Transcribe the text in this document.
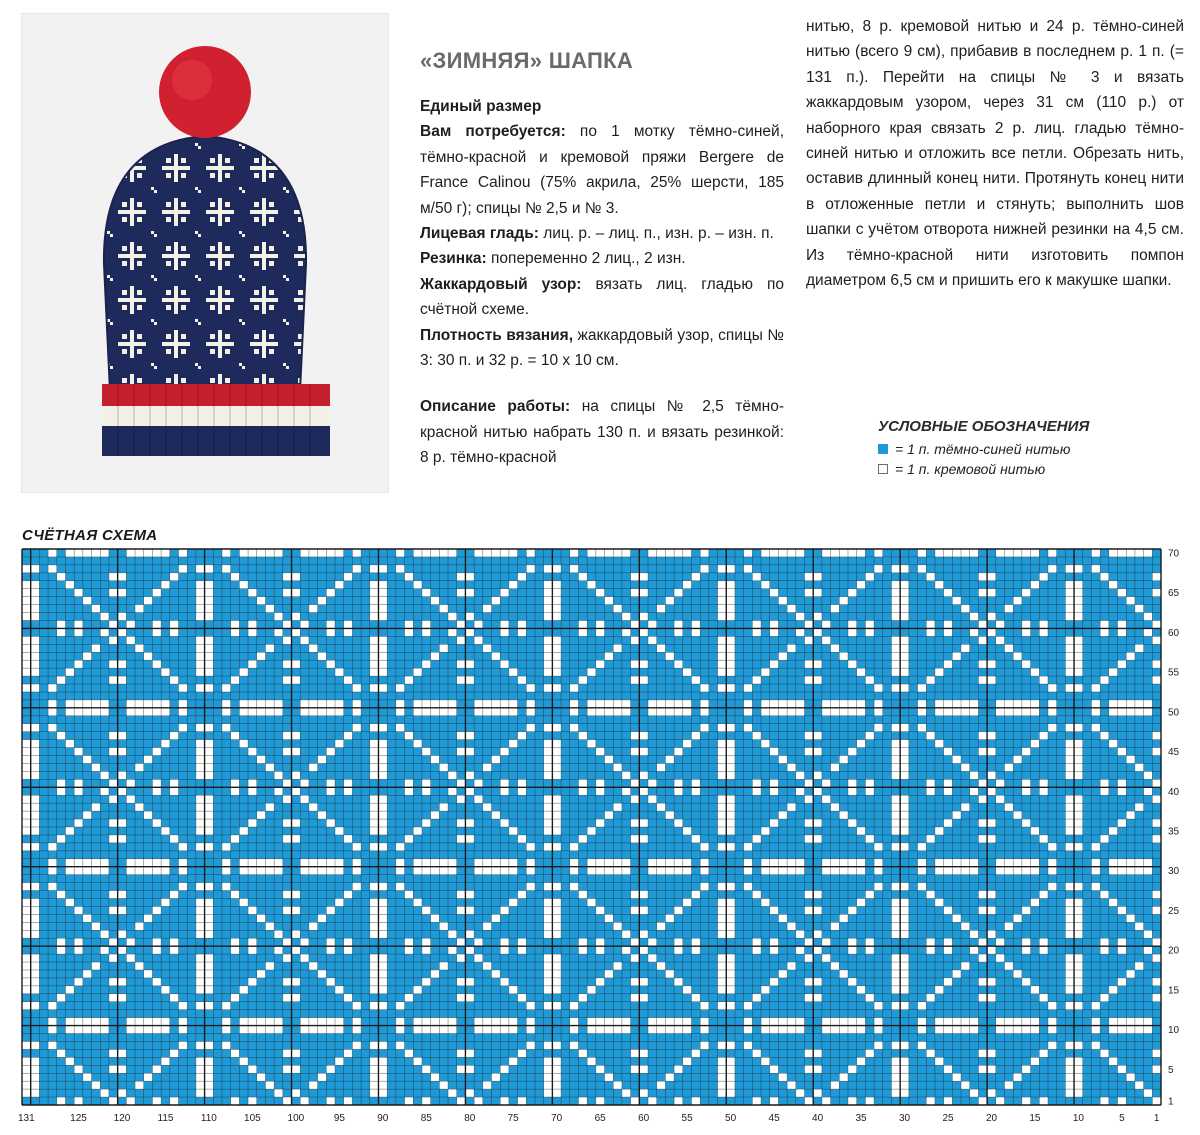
«ЗИМНЯЯ» ШАПКА

Единый размер

Вам потребуется: по 1 мотку тёмно-синей, тёмно-красной и кремовой пряжи Bergere de France Calinou (75% акрила, 25% шерсти, 185 м/50 г); спицы № 2,5 и № 3.

Лицевая гладь: лиц. р. – лиц. п., изн. р. – изн. п.

Резинка: попеременно 2 лиц., 2 изн.

Жаккардовый узор: вязать лиц. гладью по счётной схеме.

Плотность вязания, жаккардовый узор, спицы № 3: 30 п. и 32 р. = 10 х 10 см.

Описание работы: на спицы № 2,5 тёмно-красной нитью набрать 130 п. и вязать резинкой: 8 р. тёмно-красной

нитью, 8 р. кремовой нитью и 24 р. тёмно-синей нитью (всего 9 см), прибавив в последнем р. 1 п. (= 131 п.). Перейти на спицы № 3 и вязать жаккардовым узором, через 31 см (110 р.) от наборного края связать 2 р. лиц. гладью тёмно-синей нитью и отложить все петли. Обрезать нить, оставив длинный конец нити. Протянуть конец нити в отложенные петли и стянуть; выполнить шов шапки с учётом отворота нижней резинки на 4,5 см. Из тёмно-красной нити изготовить помпон диаметром 6,5 см и пришить его к макушке шапки.

УСЛОВНЫЕ ОБОЗНАЧЕНИЯ
= 1 п. тёмно-синей нитью
= 1 п. кремовой нитью
СЧЁТНАЯ СХЕМА
131	125	120	115	110	105	100	95	90	85	80	75	70	65	60	55	50	45	40	35	30	25	20	15	10	5	1
70
65
60
55
50
45
40
35
30
25
20
15
10
5
1
